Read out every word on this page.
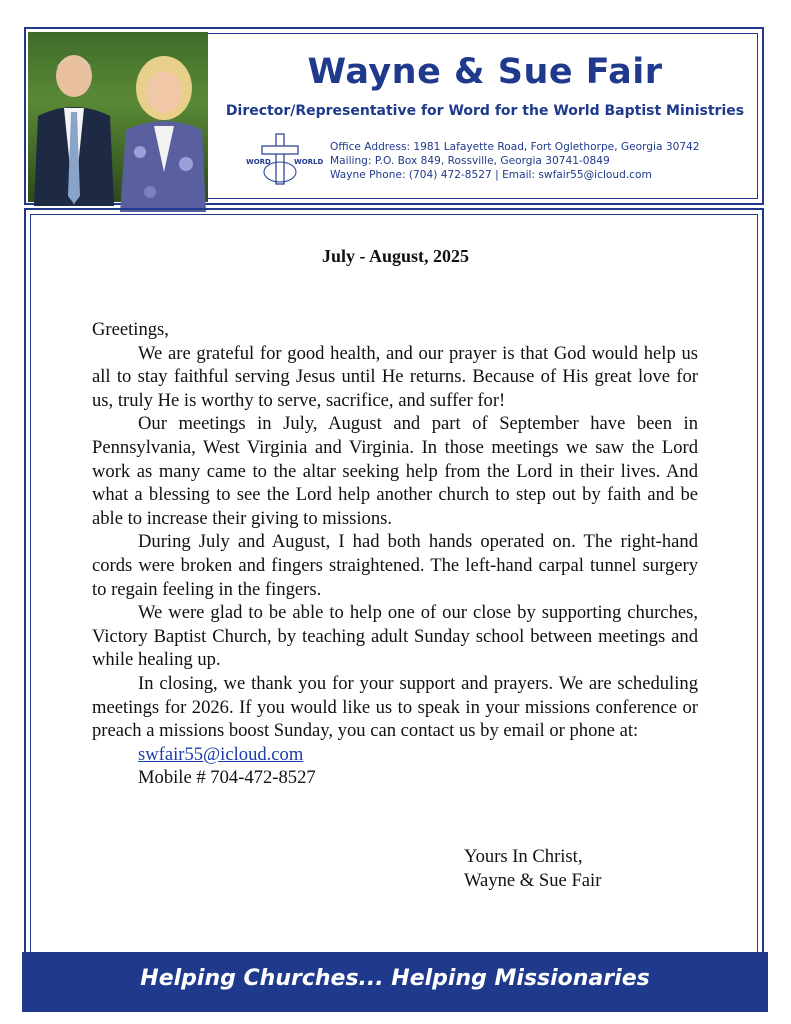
Wayne & Sue Fair
Director/Representative for Word for the World Baptist Ministries
WORD	WORLD
Office Address: 1981 Lafayette Road, Fort Oglethorpe, Georgia 30742
Mailing: P.O. Box 849, Rossville, Georgia 30741-0849
Wayne Phone: (704) 472-8527 | Email: swfair55@icloud.com
July - August, 2025

Greetings,

We are grateful for good health, and our prayer is that God would help us all to stay faithful serving Jesus until He returns. Because of His great love for us, truly He is worthy to serve, sacrifice, and suffer for!

Our meetings in July, August and part of September have been in Pennsylvania, West Virginia and Virginia. In those meetings we saw the Lord work as many came to the altar seeking help from the Lord in their lives. And what a blessing to see the Lord help another church to step out by faith and be able to increase their giving to missions.

During July and August, I had both hands operated on. The right-hand cords were broken and fingers straightened. The left-hand carpal tunnel surgery to regain feeling in the fingers.

We were glad to be able to help one of our close by supporting churches, Victory Baptist Church, by teaching adult Sunday school between meetings and while healing up.

In closing, we thank you for your support and prayers. We are scheduling meetings for 2026. If you would like us to speak in your missions conference or preach a missions boost Sunday, you can contact us by email or phone at:

swfair55@icloud.com
Mobile # 704-472-8527
Yours In Christ,
Wayne & Sue Fair
Helping Churches... Helping Missionaries
